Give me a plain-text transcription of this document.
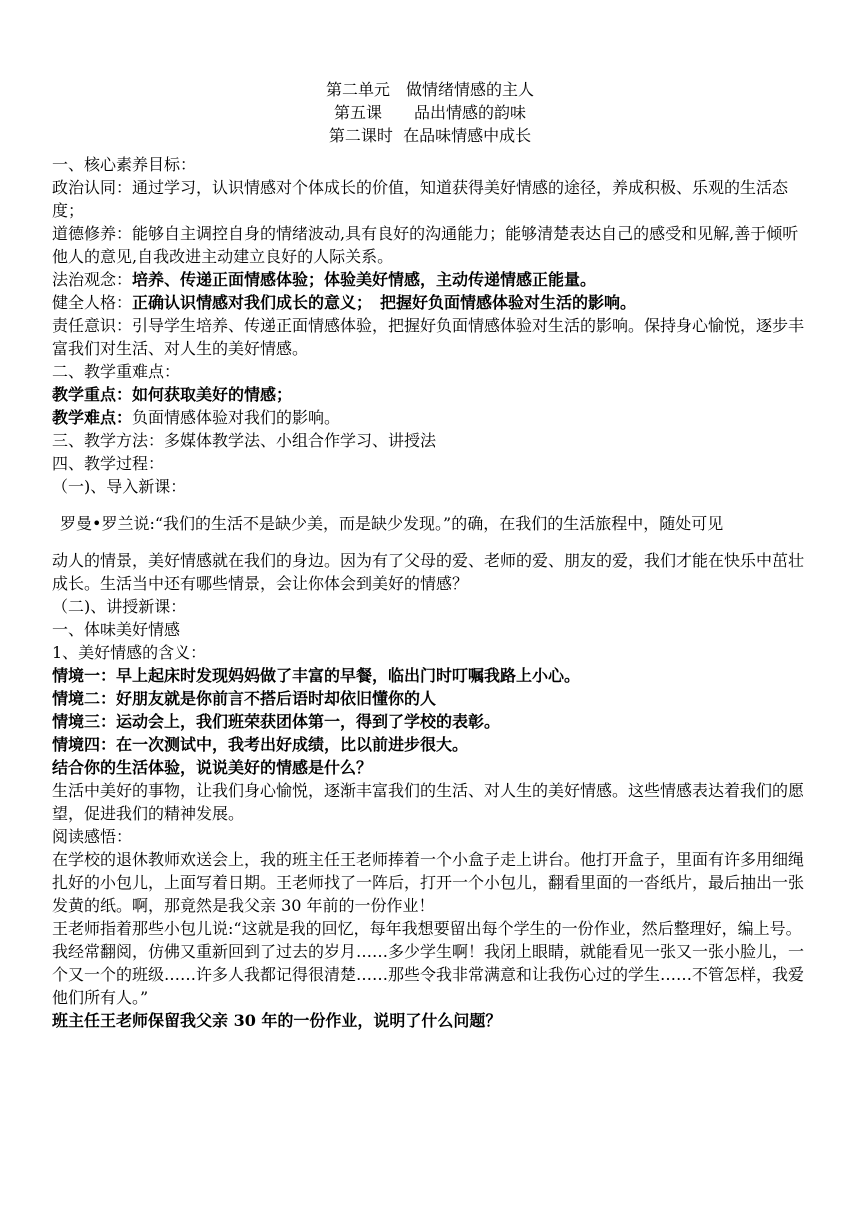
第二单元　做情绪情感的主人
第五课　　品出情感的韵味
第二课时  在品味情感中成长
一、核心素养目标：
政治认同：通过学习，认识情感对个体成长的价值，知道获得美好情感的途径，养成积极、乐观的生活态度；
道德修养：能够自主调控自身的情绪波动,具有良好的沟通能力；能够清楚表达自己的感受和见解,善于倾听他人的意见,自我改进主动建立良好的人际关系。
法治观念：培养、传递正面情感体验；体验美好情感，主动传递情感正能量。
健全人格：正确认识情感对我们成长的意义；　把握好负面情感体验对生活的影响。
责任意识：引导学生培养、传递正面情感体验，把握好负面情感体验对生活的影响。保持身心愉悦，逐步丰富我们对生活、对人生的美好情感。
二、教学重难点：
教学重点：如何获取美好的情感；
教学难点：负面情感体验对我们的影响。
三、教学方法：多媒体教学法、小组合作学习、讲授法
四、教学过程：
（一)、导入新课：
罗曼•罗兰说:“我们的生活不是缺少美，而是缺少发现。”的确，在我们的生活旅程中，随处可见
动人的情景，美好情感就在我们的身边。因为有了父母的爱、老师的爱、朋友的爱，我们才能在快乐中茁壮成长。生活当中还有哪些情景，会让你体会到美好的情感？
（二)、讲授新课：
一、体味美好情感
1、美好情感的含义：
情境一：早上起床时发现妈妈做了丰富的早餐，临出门时叮嘱我路上小心。
情境二：好朋友就是你前言不搭后语时却依旧懂你的人
情境三：运动会上，我们班荣获团体第一，得到了学校的表彰。
情境四：在一次测试中，我考出好成绩，比以前进步很大。
结合你的生活体验，说说美好的情感是什么？
生活中美好的事物，让我们身心愉悦，逐渐丰富我们的生活、对人生的美好情感。这些情感表达着我们的愿望，促进我们的精神发展。
阅读感悟：
在学校的退休教师欢送会上，我的班主任王老师捧着一个小盒子走上讲台。他打开盒子，里面有许多用细绳扎好的小包儿，上面写着日期。王老师找了一阵后，打开一个小包儿，翻看里面的一沓纸片，最后抽出一张发黄的纸。啊，那竟然是我父亲 30 年前的一份作业！
王老师指着那些小包儿说:“这就是我的回忆，每年我想要留出每个学生的一份作业，然后整理好，编上号。我经常翻阅，仿佛又重新回到了过去的岁月……多少学生啊！我闭上眼睛，就能看见一张又一张小脸儿，一个又一个的班级……许多人我都记得很清楚……那些令我非常满意和让我伤心过的学生……不管怎样，我爱他们所有人。”
班主任王老师保留我父亲 30 年的一份作业，说明了什么问题？
